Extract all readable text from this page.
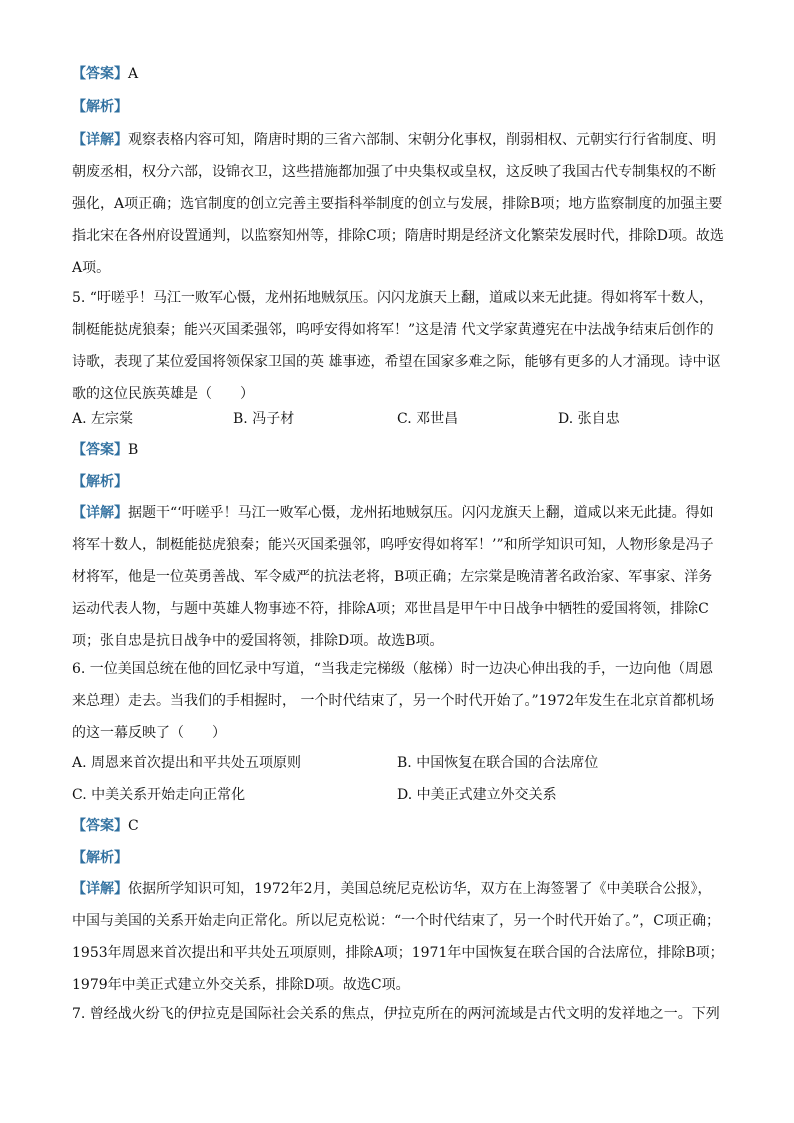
【答案】A
【解析】
【详解】观察表格内容可知，隋唐时期的三省六部制、宋朝分化事权，削弱相权、元朝实行行省制度、明朝废丞相，权分六部，设锦衣卫，这些措施都加强了中央集权或皇权，这反映了我国古代专制集权的不断强化，A项正确；选官制度的创立完善主要指科举制度的创立与发展，排除B项；地方监察制度的加强主要指北宋在各州府设置通判，以监察知州等，排除C项；隋唐时期是经济文化繁荣发展时代，排除D项。故选A项。
5. “吁嗟乎！马江一败军心慑，龙州拓地贼氛压。闪闪龙旗天上翻，道咸以来无此捷。得如将军十数人，制梃能挞虎狼秦；能兴灭国柔强邻，呜呼安得如将军！”这是清 代文学家黄遵宪在中法战争结束后创作的诗歌，表现了某位爱国将领保家卫国的英 雄事迹，希望在国家多难之际，能够有更多的人才涌现。诗中讴歌的这位民族英雄是（　　）
A. 左宗棠	B. 冯子材	C. 邓世昌	D. 张自忠
【答案】B
【解析】
【详解】据题干“‘吁嗟乎！马江一败军心慑，龙州拓地贼氛压。闪闪龙旗天上翻，道咸以来无此捷。得如将军十数人，制梃能挞虎狼秦；能兴灭国柔强邻，呜呼安得如将军！’”和所学知识可知，人物形象是冯子材将军，他是一位英勇善战、军令威严的抗法老将，B项正确；左宗棠是晚清著名政治家、军事家、洋务运动代表人物，与题中英雄人物事迹不符，排除A项；邓世昌是甲午中日战争中牺牲的爱国将领，排除C项；张自忠是抗日战争中的爱国将领，排除D项。故选B项。
6. 一位美国总统在他的回忆录中写道，“当我走完梯级（舷梯）时一边决心伸出我的手，一边向他（周恩来总理）走去。当我们的手相握时， 一个时代结束了，另一个时代开始了。”1972年发生在北京首都机场的这一幕反映了（　　）
A. 周恩来首次提出和平共处五项原则	B. 中国恢复在联合国的合法席位
C. 中美关系开始走向正常化	D. 中美正式建立外交关系
【答案】C
【解析】
【详解】依据所学知识可知，1972年2月，美国总统尼克松访华，双方在上海签署了《中美联合公报》，中国与美国的关系开始走向正常化。所以尼克松说：“一个时代结束了，另一个时代开始了。”，C项正确；1953年周恩来首次提出和平共处五项原则，排除A项；1971年中国恢复在联合国的合法席位，排除B项；1979年中美正式建立外交关系，排除D项。故选C项。
7. 曾经战火纷飞的伊拉克是国际社会关系的焦点，伊拉克所在的两河流域是古代文明的发祥地之一。下列
